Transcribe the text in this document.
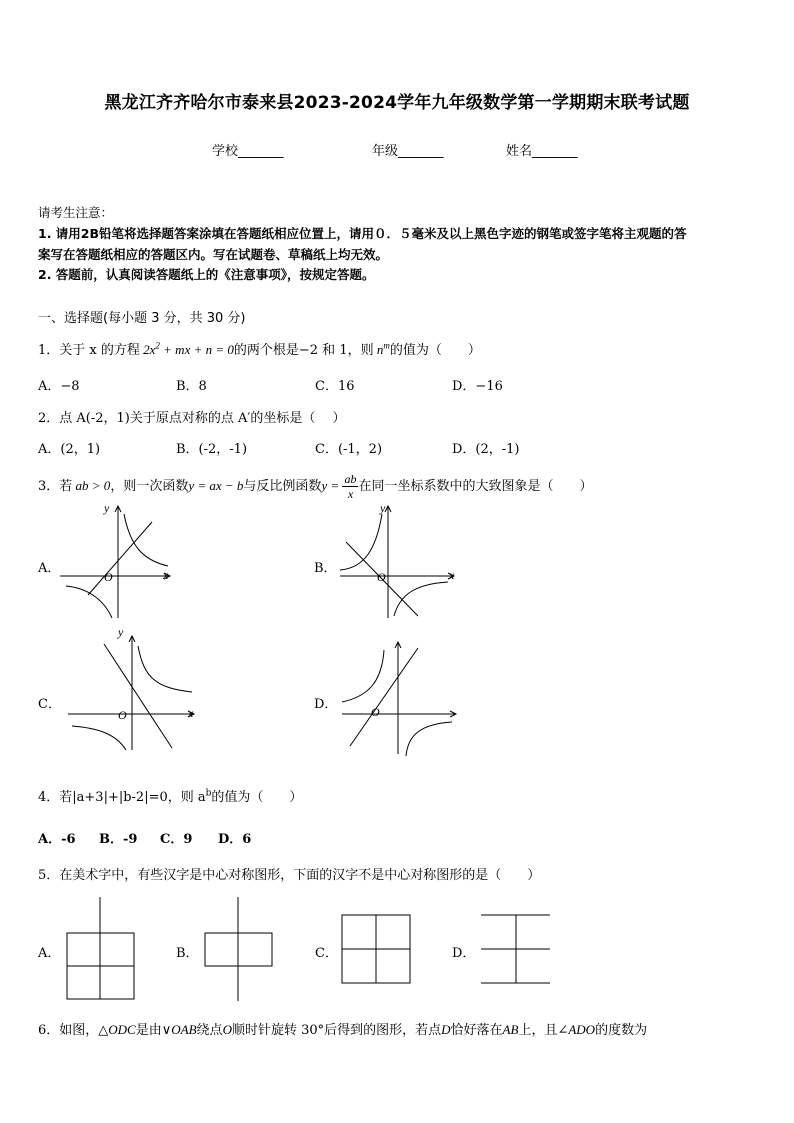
黑龙江齐齐哈尔市泰来县2023-2024学年九年级数学第一学期期末联考试题
学校_______	年级_______	姓名_______
请考生注意：
1. 请用2B铅笔将选择题答案涂填在答题纸相应位置上，请用０．５毫米及以上黑色字迹的钢笔或签字笔将主观题的答
案写在答题纸相应的答题区内。写在试题卷、草稿纸上均无效。
2. 答题前，认真阅读答题纸上的《注意事项》，按规定答题。
一、选择题(每小题 3 分，共 30 分)
1．关于 x 的方程 $2x^2$ + mx + n = 0的两个根是−2 和 1，则 $n^m$的值为（　　）
A．−8	B．8	C．16	D．−16
2．点 A(-2，1)关于原点对称的点 A′的坐标是（　 ）
A．(2，1)	B．(-2，-1)	C．(-1，2)	D．(2，-1)
3．若 ab > 0，则一次函数y = ax − b与反比例函数$y = \frac{ab}{x}$ 在同一坐标系数中的大致图象是（　　）
A．	B．
C．	D．
x
y
O	x
y
O
x
y
O	O
4．若|a+3|+|b-2|=0，则 $a^b$的值为（　　）
A．-6 B．-9 C．9 D．6
5．在美术字中，有些汉字是中心对称图形，下面的汉字不是中心对称图形的是（　　）
A．	B．	C．	D．
6．如图，△ODC是由∨OAB绕点O顺时针旋转 30°后得到的图形，若点D恰好落在AB上，且∠ADO的度数为
